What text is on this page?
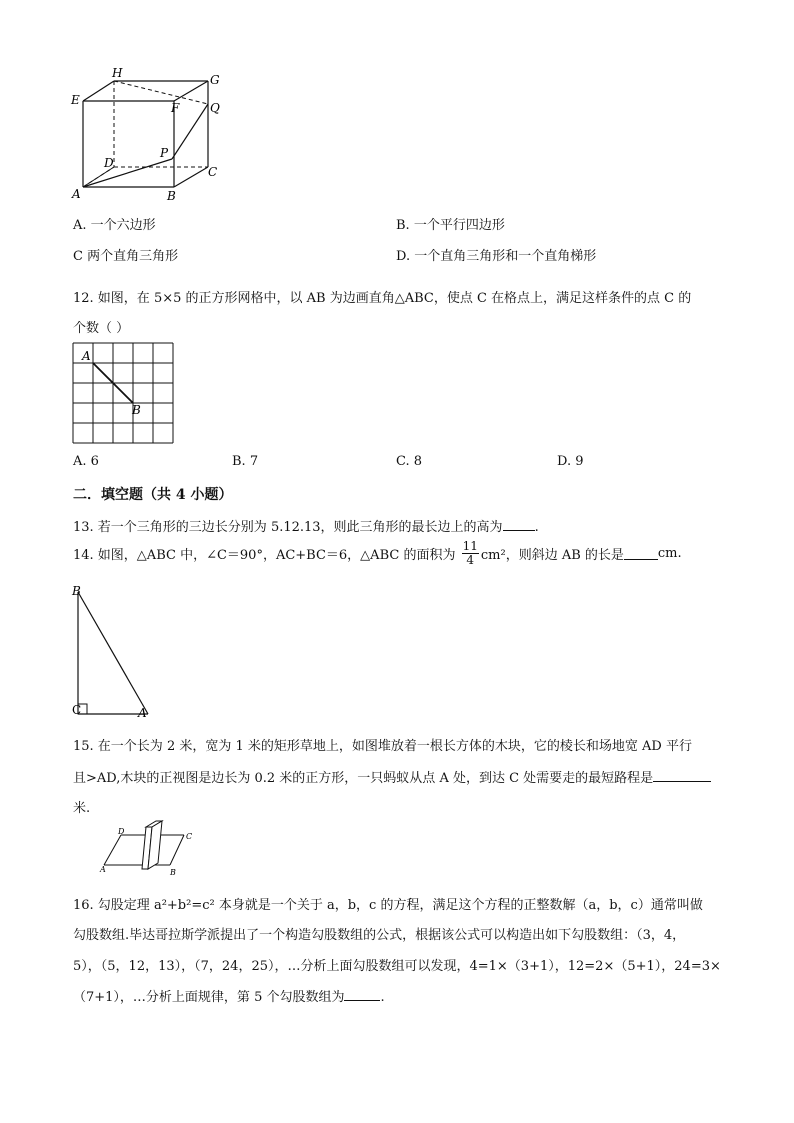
H	G
E
F	Q
D
P
C
A	B
A. 一个六边形	B. 一个平行四边形
C 两个直角三角形	D. 一个直角三角形和一个直角梯形
12. 如图，在 5×5 的正方形网格中，以 AB 为边画直角△ABC，使点 C 在格点上，满足这样条件的点 C 的
个数（ ）
A
B
A. 6	B. 7	C. 8	D. 9
二．填空题（共 4 小题）
13. 若一个三角形的三边长分别为 5.12.13，则此三角形的最长边上的高为 .
14. 如图，△ABC 中，∠C＝90°，AC+BC＝6，△ABC 的面积为 $\frac{11}{4} cm^2$，则斜边 AB 的长是	cm.
B
C	A
15. 在一个长为 2 米，宽为 1 米的矩形草地上，如图堆放着一根长方体的木块，它的棱长和场地宽 AD 平行
且>AD,木块的正视图是边长为 0.2 米的正方形，一只蚂蚁从点 A 处，到达 C 处需要走的最短路程是
米.
D
C
A	B
16. 勾股定理 a²+b²=c² 本身就是一个关于 a，b，c 的方程，满足这个方程的正整数解（a，b，c）通常叫做
勾股数组.毕达哥拉斯学派提出了一个构造勾股数组的公式，根据该公式可以构造出如下勾股数组：（3，4，
5），（5，12，13），（7，24，25），…分析上面勾股数组可以发现，4=1×（3+1），12=2×（5+1），24=3×
（7+1），…分析上面规律，第 5 个勾股数组为	.
